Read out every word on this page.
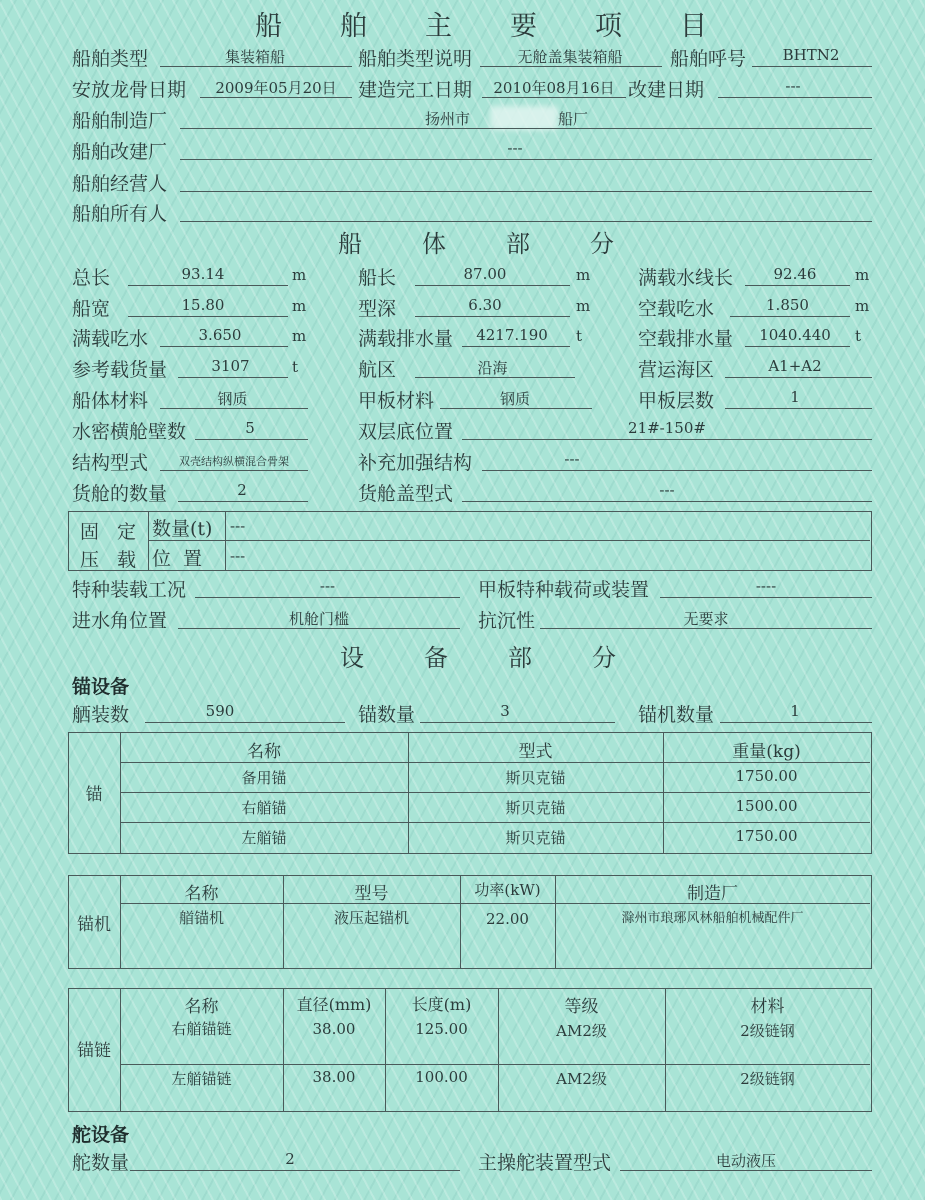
船舶主要项目
船舶类型	集装箱船	船舶类型说明	无舱盖集装箱船	船舶呼号	BHTN2
安放龙骨日期	2009年05月20日	建造完工日期	2010年08月16日 改建日期	---
船舶制造厂	扬州市	船厂
船舶改建厂	---
船舶经营人
船舶所有人
船体部分
总长	93.14	m	船长	87.00	m	满载水线长	92.46	m
船宽	15.80	m	型深	6.30	m	空载吃水	1.850	m
满载吃水	3.650	m	满载排水量	4217.190	t	空载排水量	1040.440	t
参考载货量	3107	t	航区	沿海	营运海区	A1+A2
船体材料	钢质	甲板材料	钢质	甲板层数	1
水密横舱壁数	5	双层底位置	21#-150#
结构型式	双壳结构纵横混合骨架	补充加强结构	---
货舱的数量	2	货舱盖型式	---
固定
压载
数量(t) ---
位置 ---
特种装载工况	---	甲板特种载荷或装置	----
进水角位置	机舱门槛	抗沉性	无要求
设备部分
锚设备
舾装数	590	锚数量	3	锚机数量	1
锚
名称	型式	重量(kg)
备用锚	斯贝克锚	1750.00
右艏锚	斯贝克锚	1500.00
左艏锚	斯贝克锚	1750.00
锚机
名称	型号	功率(kW)	制造厂
艏锚机	液压起锚机	22.00	滁州市琅琊风林船舶机械配件厂
锚链
名称	直径(mm)	长度(m)	等级	材料
右艏锚链	38.00	125.00	AM2级	2级链钢
左艏锚链	38.00	100.00	AM2级	2级链钢
舵设备
舵数量	2	主操舵装置型式	电动液压
